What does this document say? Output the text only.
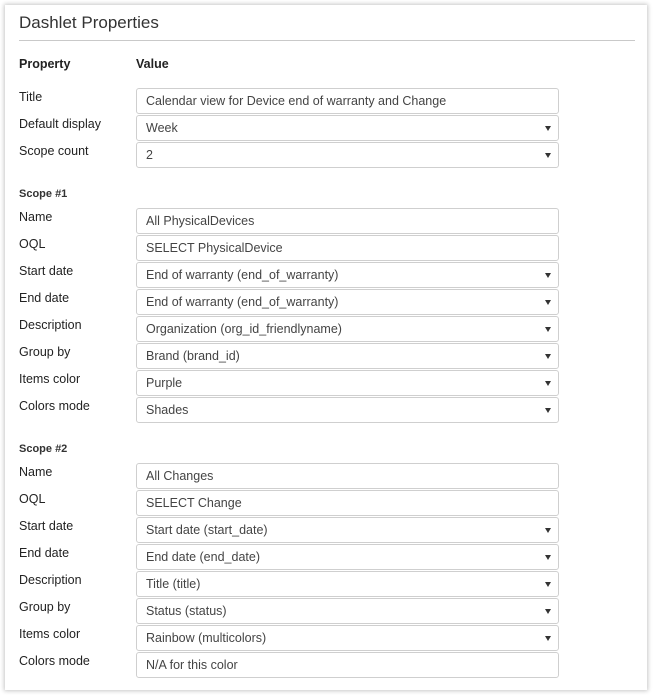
Dashlet Properties
Property	Value
Title	Calendar view for Device end of warranty and Change
Default display	Week
Scope count	2
Scope #1
Name	All PhysicalDevices
OQL	SELECT PhysicalDevice
Start date	End of warranty (end_of_warranty)
End date	End of warranty (end_of_warranty)
Description	Organization (org_id_friendlyname)
Group by	Brand (brand_id)
Items color	Purple
Colors mode	Shades
Scope #2
Name	All Changes
OQL	SELECT Change
Start date	Start date (start_date)
End date	End date (end_date)
Description	Title (title)
Group by	Status (status)
Items color	Rainbow (multicolors)
Colors mode	N/A for this color
